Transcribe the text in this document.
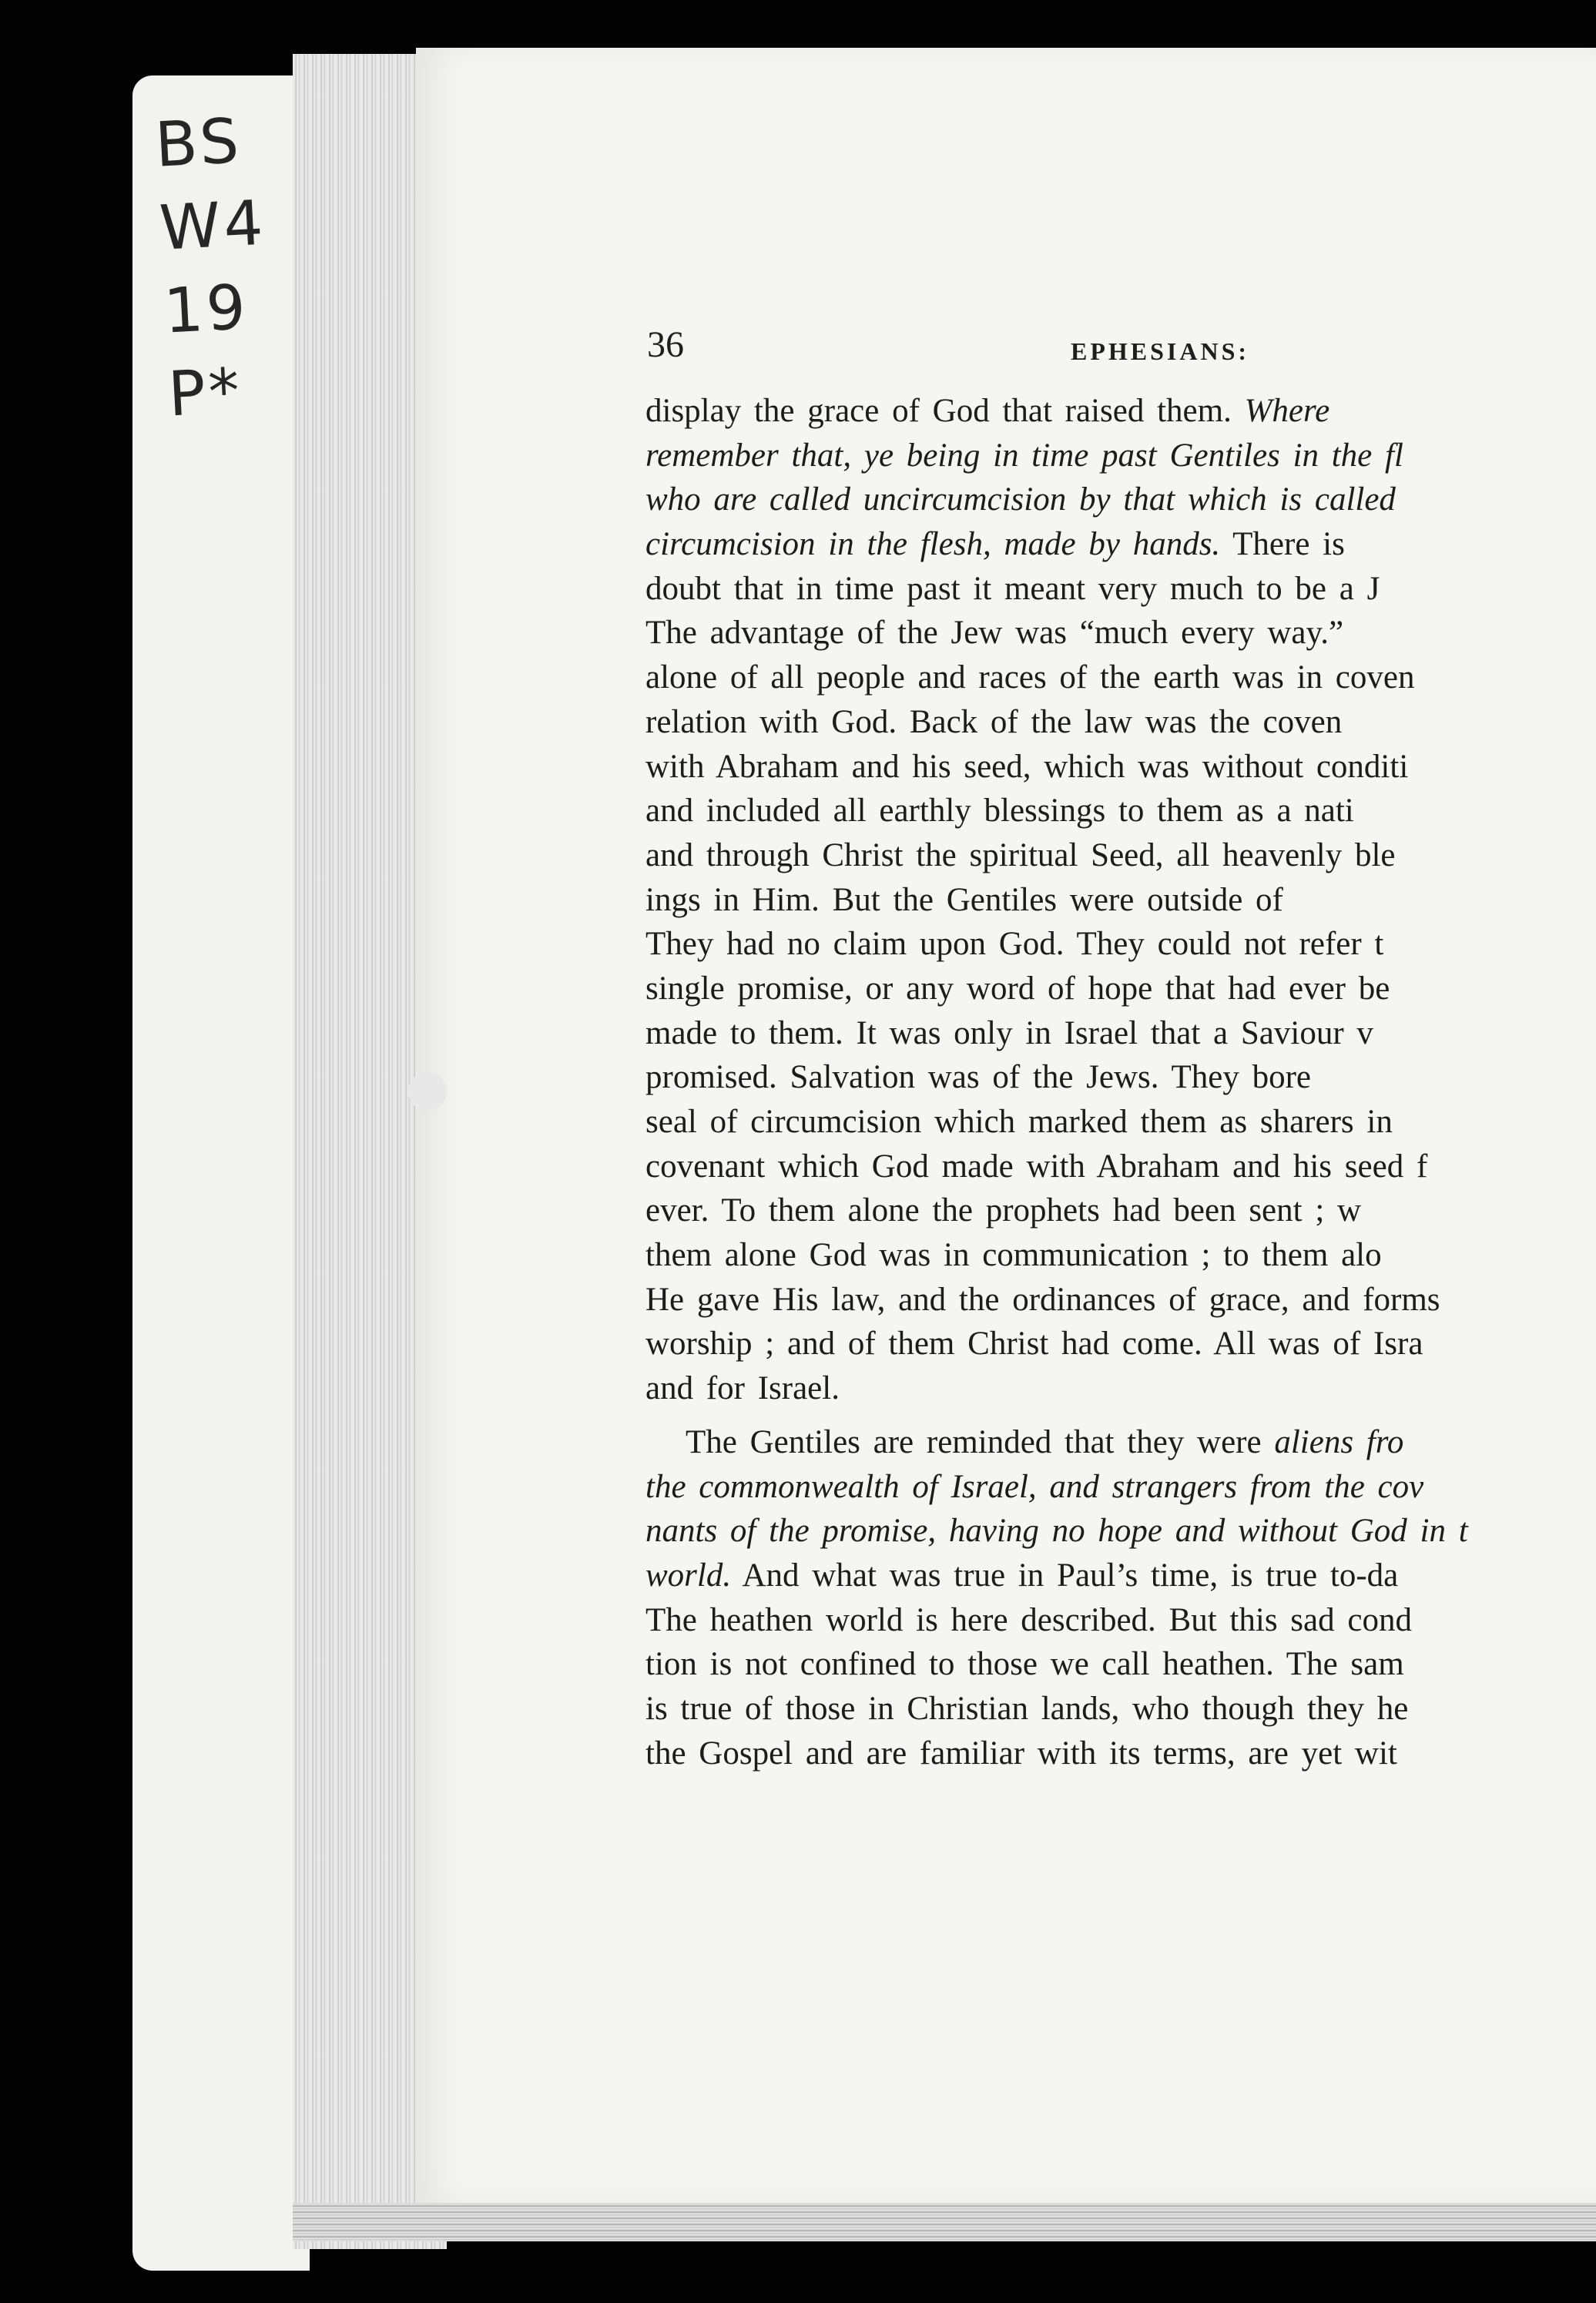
BS
W4
19
P*
36	EPHESIANS:
display the grace of God that raised them. Where
remember that, ye being in time past Gentiles in the fl
who are called uncircumcision by that which is called
circumcision in the flesh, made by hands. There is
doubt that in time past it meant very much to be a J
The advantage of the Jew was “much every way.”
alone of all people and races of the earth was in coven
relation with God. Back of the law was the coven
with Abraham and his seed, which was without conditi
and included all earthly blessings to them as a nati
and through Christ the spiritual Seed, all heavenly ble
ings in Him. But the Gentiles were outside of
They had no claim upon God. They could not refer t
single promise, or any word of hope that had ever be
made to them. It was only in Israel that a Saviour v
promised. Salvation was of the Jews. They bore
seal of circumcision which marked them as sharers in
covenant which God made with Abraham and his seed f
ever. To them alone the prophets had been sent ; w
them alone God was in communication ; to them alo
He gave His law, and the ordinances of grace, and forms
worship ; and of them Christ had come. All was of Isra
and for Israel.
The Gentiles are reminded that they were aliens fro
the commonwealth of Israel, and strangers from the cov
nants of the promise, having no hope and without God in t
world. And what was true in Paul’s time, is true to-da
The heathen world is here described. But this sad cond
tion is not confined to those we call heathen. The sam
is true of those in Christian lands, who though they he
the Gospel and are familiar with its terms, are yet wit
